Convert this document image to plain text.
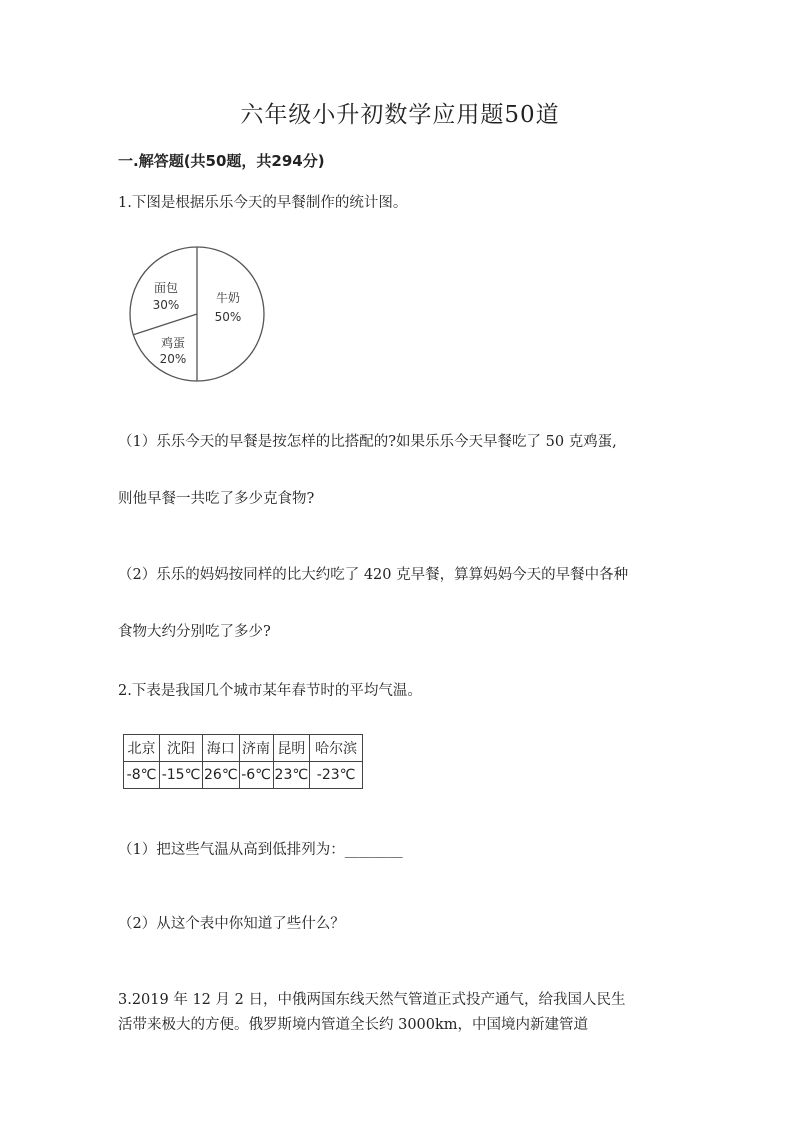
六年级小升初数学应用题50道
一.解答题(共50题，共294分)
1.下图是根据乐乐今天的早餐制作的统计图。
牛奶
50%
面包
30%
鸡蛋
20%
（1）乐乐今天的早餐是按怎样的比搭配的?如果乐乐今天早餐吃了 50 克鸡蛋,
则他早餐一共吃了多少克食物?
（2）乐乐的妈妈按同样的比大约吃了 420 克早餐，算算妈妈今天的早餐中各种
食物大约分别吃了多少?
2.下表是我国几个城市某年春节时的平均气温。
北京	沈阳	海口	济南	昆明	哈尔滨
-8℃	-15℃	26℃	-6℃	23℃	-23℃
（1）把这些气温从高到低排列为：________
（2）从这个表中你知道了些什么？
3.2019 年 12 月 2 日，中俄两国东线天然气管道正式投产通气，给我国人民生
活带来极大的方便。俄罗斯境内管道全长约 3000km，中国境内新建管道
